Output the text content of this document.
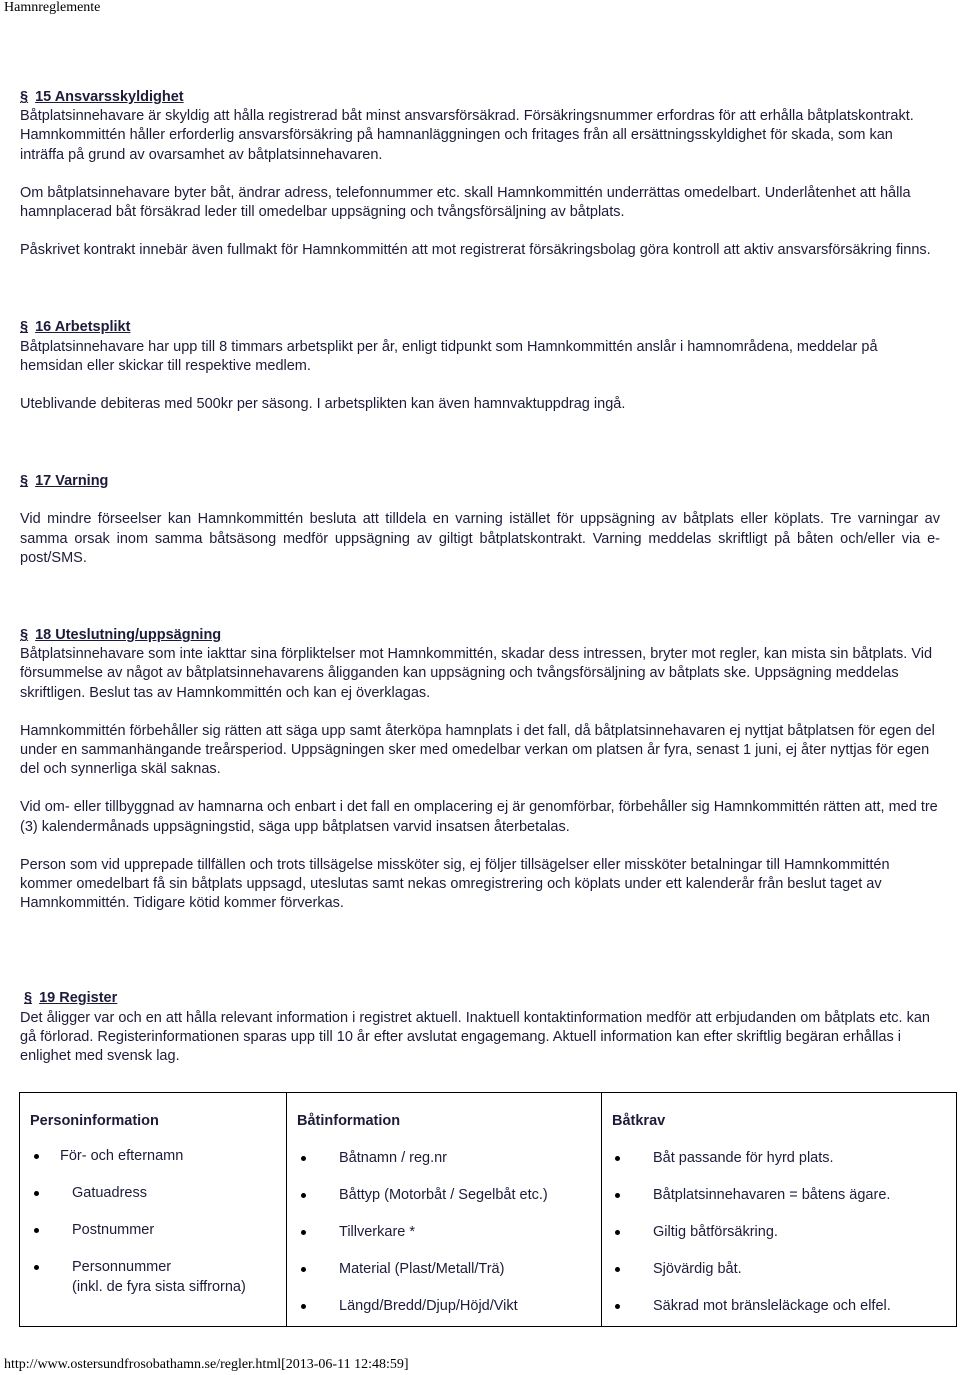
Hamnreglemente
§ 15 Ansvarsskyldighet

Båtplatsinnehavare är skyldig att hålla registrerad båt minst ansvarsförsäkrad. Försäkringsnummer erfordras för att erhålla båtplatskontrakt. Hamnkommittén håller erforderlig ansvarsförsäkring på hamnanläggningen och fritages från all ersättningsskyldighet för skada, som kan inträffa på grund av ovarsamhet av båtplatsinnehavaren.

Om båtplatsinnehavare byter båt, ändrar adress, telefonnummer etc. skall Hamnkommittén underrättas omedelbart. Underlåtenhet att hålla hamnplacerad båt försäkrad leder till omedelbar uppsägning och tvångsförsäljning av båtplats.

Påskrivet kontrakt innebär även fullmakt för Hamnkommittén att mot registrerat försäkringsbolag göra kontroll att aktiv ansvarsförsäkring finns.

§ 16 Arbetsplikt

Båtplatsinnehavare har upp till 8 timmars arbetsplikt per år, enligt tidpunkt som Hamnkommittén anslår i hamnområdena, meddelar på hemsidan eller skickar till respektive medlem.

Uteblivande debiteras med 500kr per säsong. I arbetsplikten kan även hamnvaktuppdrag ingå.

§ 17 Varning

Vid mindre förseelser kan Hamnkommittén besluta att tilldela en varning istället för uppsägning av båtplats eller köplats. Tre varningar av samma orsak inom samma båtsäsong medför uppsägning av giltigt båtplatskontrakt. Varning meddelas skriftligt på båten och/eller via e-post/SMS.

§ 18 Uteslutning/uppsägning

Båtplatsinnehavare som inte iakttar sina förpliktelser mot Hamnkommittén, skadar dess intressen, bryter mot regler, kan mista sin båtplats. Vid försummelse av något av båtplatsinnehavarens åligganden kan uppsägning och tvångsförsäljning av båtplats ske. Uppsägning meddelas skriftligen. Beslut tas av Hamnkommittén och kan ej överklagas.

Hamnkommittén förbehåller sig rätten att säga upp samt återköpa hamnplats i det fall, då båtplatsinnehavaren ej nyttjat båtplatsen för egen del under en sammanhängande treårsperiod. Uppsägningen sker med omedelbar verkan om platsen år fyra, senast 1 juni, ej åter nyttjas för egen del och synnerliga skäl saknas.

Vid om- eller tillbyggnad av hamnarna och enbart i det fall en omplacering ej är genomförbar, förbehåller sig Hamnkommittén rätten att, med tre (3) kalendermånads uppsägningstid, säga upp båtplatsen varvid insatsen återbetalas.

Person som vid upprepade tillfällen och trots tillsägelse missköter sig, ej följer tillsägelser eller missköter betalningar till Hamnkommittén kommer omedelbart få sin båtplats uppsagd, uteslutas samt nekas omregistrering och köplats under ett kalenderår från beslut taget av Hamnkommittén. Tidigare kötid kommer förverkas.

§ 19 Register

Det åligger var och en att hålla relevant information i registret aktuell. Inaktuell kontaktinformation medför att erbjudanden om båtplats etc. kan gå förlorad. Registerinformationen sparas upp till 10 år efter avslutat engagemang. Aktuell information kan efter skriftlig begäran erhållas i enlighet med svensk lag.

Personinformation
För- och efternamn
Gatuadress
Postnummer
Personnummer
(inkl. de fyra sista siffrorna)
Båtinformation
Båtnamn / reg.nr
Båttyp (Motorbåt / Segelbåt etc.)
Tillverkare *
Material (Plast/Metall/Trä)
Längd/Bredd/Djup/Höjd/Vikt
Båtkrav
Båt passande för hyrd plats.
Båtplatsinnehavaren = båtens ägare.
Giltig båtförsäkring.
Sjövärdig båt.
Säkrad mot bränsleläckage och elfel.
http://www.ostersundfrosobathamn.se/regler.html[2013-06-11 12:48:59]
